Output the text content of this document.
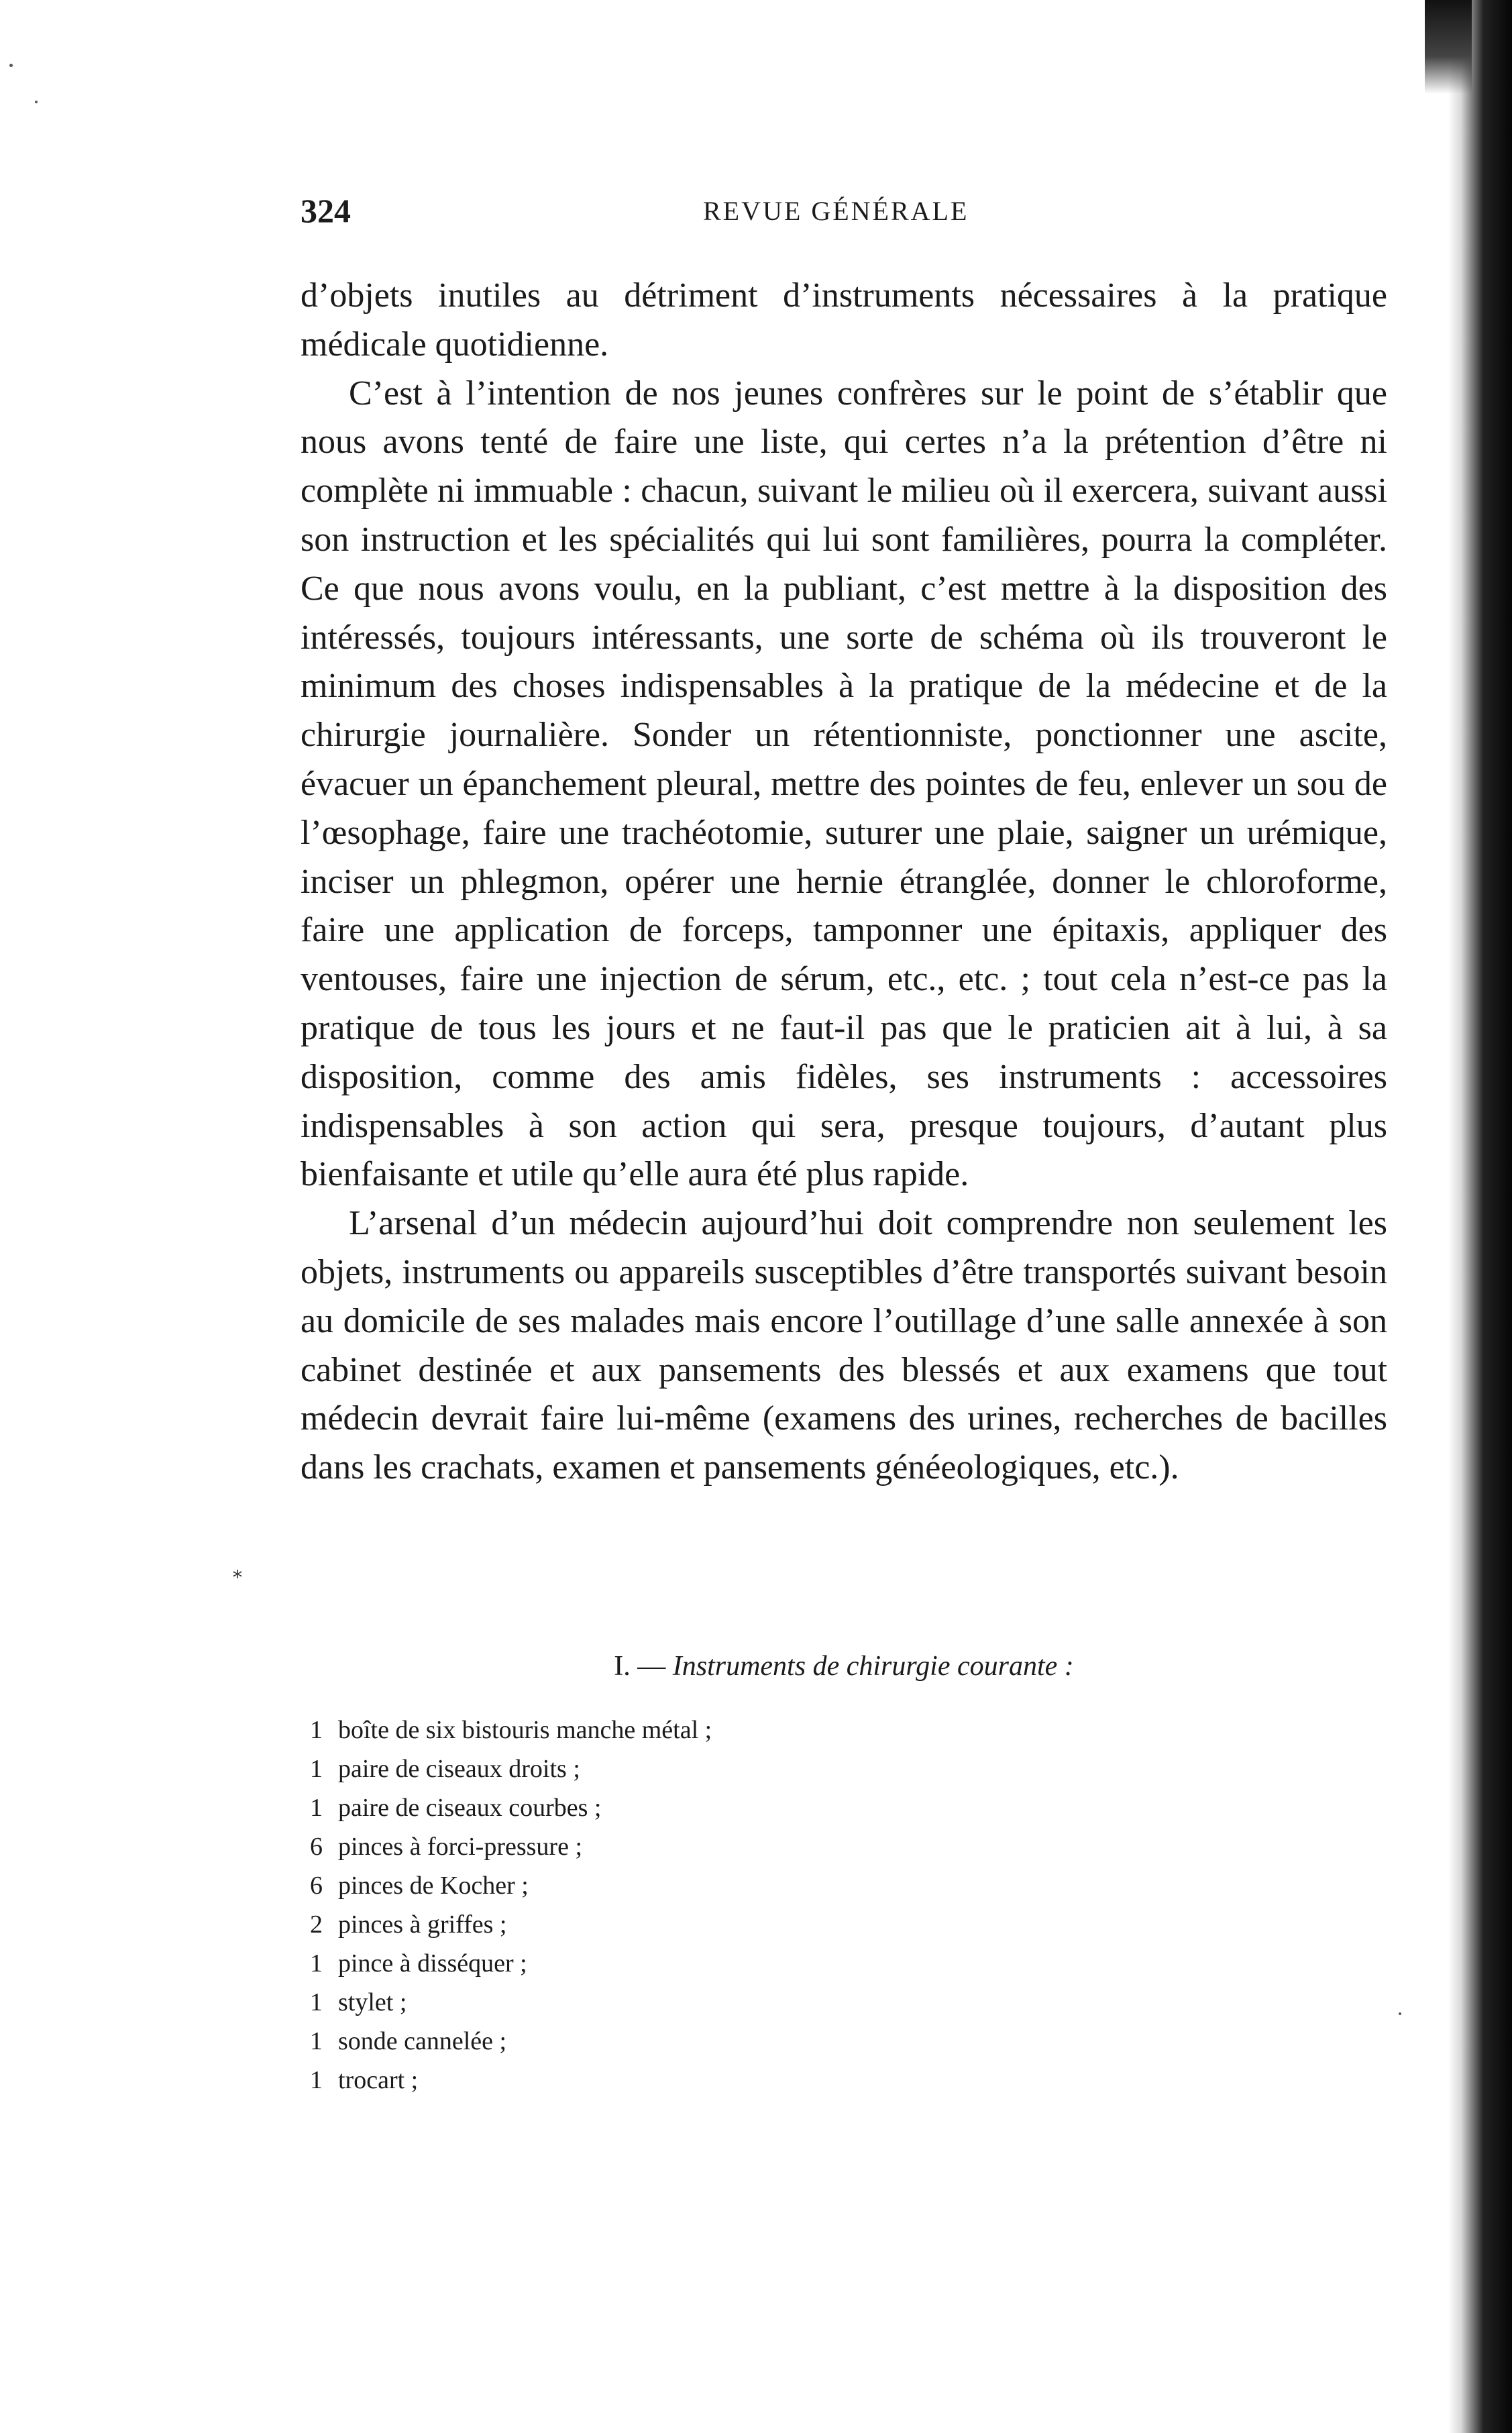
324	REVUE GÉNÉRALE

d’objets inutiles au détriment d’instruments nécessaires à la pratique médicale quotidienne.

C’est à l’intention de nos jeunes confrères sur le point de s’établir que nous avons tenté de faire une liste, qui certes n’a la prétention d’être ni complète ni immuable : chacun, suivant le milieu où il exercera, suivant aussi son instruction et les spécialités qui lui sont familières, pourra la compléter. Ce que nous avons voulu, en la publiant, c’est mettre à la disposition des intéressés, toujours intéressants, une sorte de schéma où ils trouveront le minimum des choses indispensables à la pratique de la médecine et de la chirurgie journalière. Sonder un rétentionniste, ponctionner une ascite, évacuer un épanchement pleural, mettre des pointes de feu, enlever un sou de l’œsophage, faire une trachéotomie, suturer une plaie, saigner un urémique, inciser un phlegmon, opérer une hernie étranglée, donner le chloroforme, faire une application de forceps, tamponner une épitaxis, appliquer des ventouses, faire une injection de sérum, etc., etc. ; tout cela n’est-ce pas la pratique de tous les jours et ne faut-il pas que le praticien ait à lui, à sa disposition, comme des amis fidèles, ses instruments : accessoires indispensables à son action qui sera, presque toujours, d’autant plus bienfaisante et utile qu’elle aura été plus rapide.

L’arsenal d’un médecin aujourd’hui doit comprendre non seulement les objets, instruments ou appareils susceptibles d’être transportés suivant besoin au domicile de ses malades mais encore l’outillage d’une salle annexée à son cabinet destinée et aux pansements des blessés et aux examens que tout médecin devrait faire lui-même (examens des urines, recherches de bacilles dans les crachats, examen et pansements généeologiques, etc.).

*
I. — Instruments de chirurgie courante :
1 boîte de six bistouris manche métal ;
1 paire de ciseaux droits ;
1 paire de ciseaux courbes ;
6 pinces à forci-pressure ;
6 pinces de Kocher ;
2 pinces à griffes ;
1 pince à disséquer ;
1 stylet ;
1 sonde cannelée ;
1 trocart ;
